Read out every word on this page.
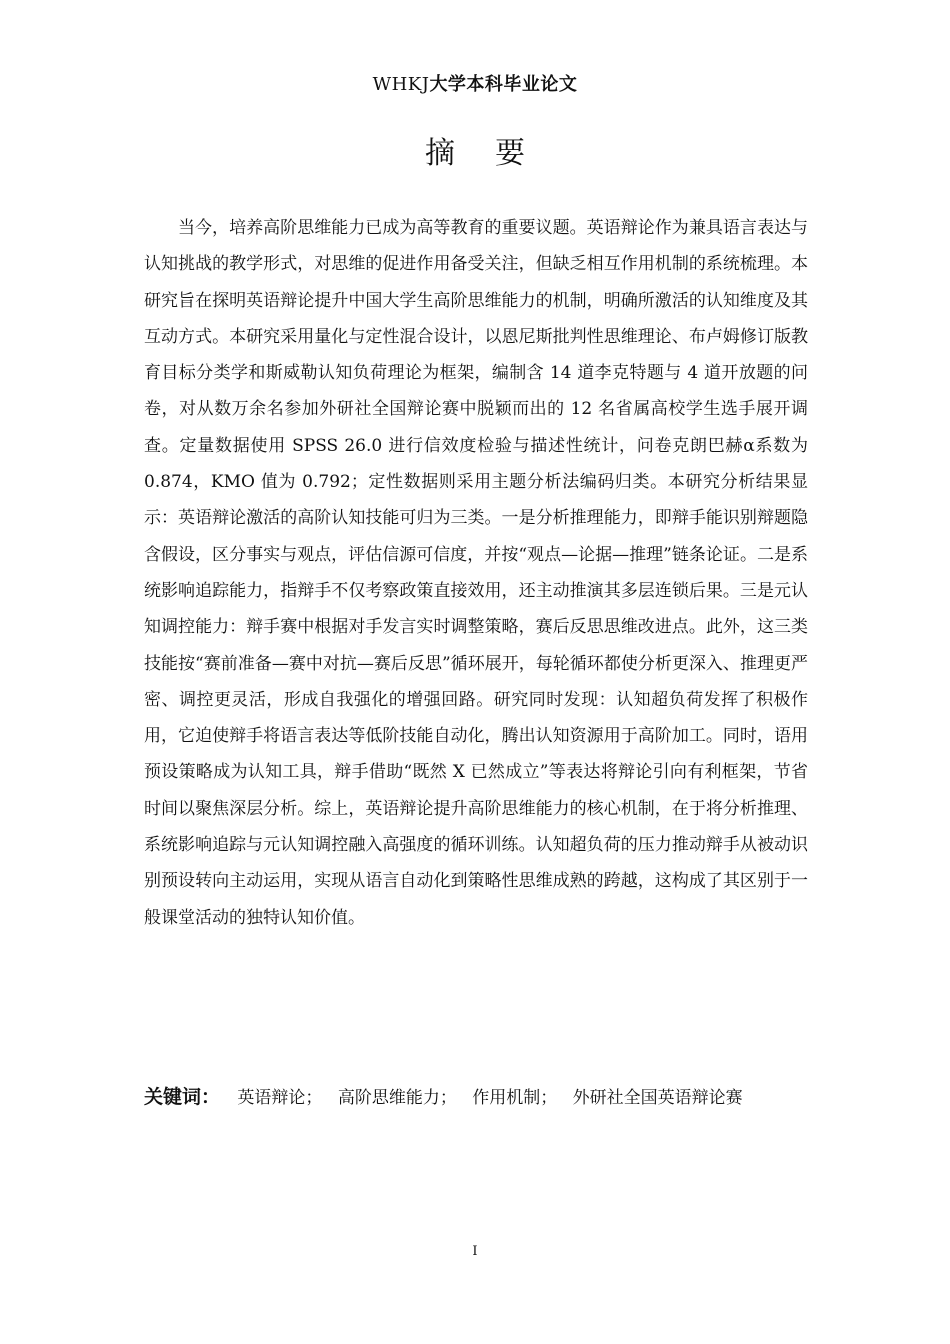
WHKJ大学本科毕业论文
摘要

当今，培养高阶思维能力已成为高等教育的重要议题。英语辩论作为兼具语言表达与认知挑战的教学形式，对思维的促进作用备受关注，但缺乏相互作用机制的系统梳理。本研究旨在探明英语辩论提升中国大学生高阶思维能力的机制，明确所激活的认知维度及其互动方式。本研究采用量化与定性混合设计，以恩尼斯批判性思维理论、布卢姆修订版教育目标分类学和斯威勒认知负荷理论为框架，编制含 14 道李克特题与 4 道开放题的问卷，对从数万余名参加外研社全国辩论赛中脱颖而出的 12 名省属高校学生选手展开调查。定量数据使用 SPSS 26.0 进行信效度检验与描述性统计，问卷克朗巴赫α系数为 0.874，KMO 值为 0.792；定性数据则采用主题分析法编码归类。本研究分析结果显示：英语辩论激活的高阶认知技能可归为三类。一是分析推理能力，即辩手能识别辩题隐含假设，区分事实与观点，评估信源可信度，并按“观点—论据—推理”链条论证。二是系统影响追踪能力，指辩手不仅考察政策直接效用，还主动推演其多层连锁后果。三是元认知调控能力：辩手赛中根据对手发言实时调整策略，赛后反思思维改进点。此外，这三类技能按“赛前准备—赛中对抗—赛后反思”循环展开，每轮循环都使分析更深入、推理更严密、调控更灵活，形成自我强化的增强回路。研究同时发现：认知超负荷发挥了积极作用，它迫使辩手将语言表达等低阶技能自动化，腾出认知资源用于高阶加工。同时，语用预设策略成为认知工具，辩手借助“既然 X 已然成立”等表达将辩论引向有利框架，节省时间以聚焦深层分析。综上，英语辩论提升高阶思维能力的核心机制，在于将分析推理、系统影响追踪与元认知调控融入高强度的循环训练。认知超负荷的压力推动辩手从被动识别预设转向主动运用，实现从语言自动化到策略性思维成熟的跨越，这构成了其区别于一般课堂活动的独特认知价值。

关键词： 英语辩论； 高阶思维能力； 作用机制； 外研社全国英语辩论赛
I
